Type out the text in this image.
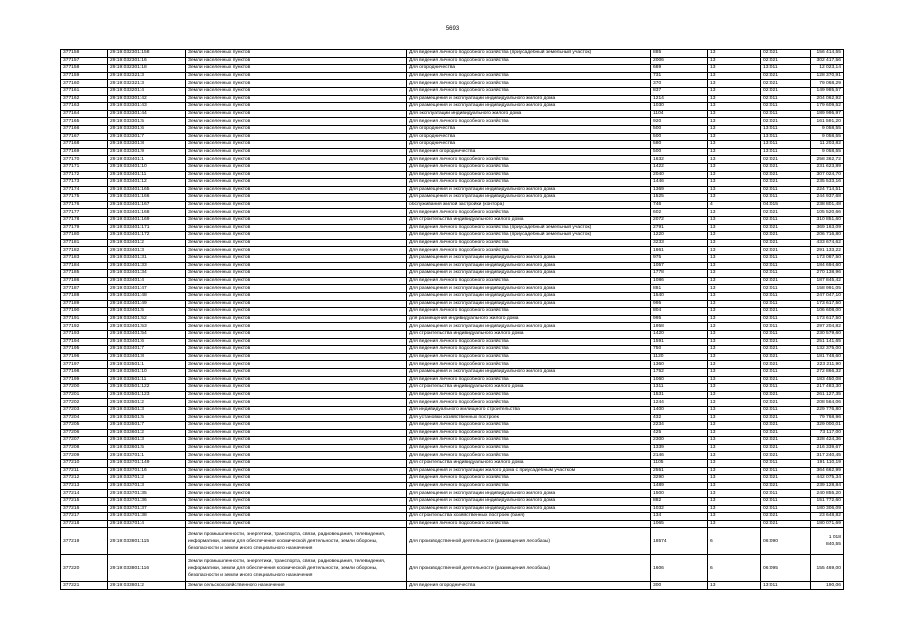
5693
377158	29:19:032301:158	Земли населенных пунктов	Для ведения личного подсобного хозяйства (приусадебный земельный участок)	885	13	02:021	156 414,55
377157	29:19:032301:16	Земли населенных пунктов	Для ведения личного подсобного хозяйства	2006	13	02:021	302 417,56
377158	29:19:032301:18	Земли населенных пунктов	Для огородничества	689	13	13:011	12 023,14
377159	29:19:032321:3	Земли населенных пунктов	Для ведения личного подсобного хозяйства	731	13	02:021	128 370,91
377160	29:19:032321:3	Земли населенных пунктов	Для ведения личного подсобного хозяйства	370	13	02:021	79 068,29
377161	29:19:033201:4	Земли населенных пунктов	Для ведения личного подсобного хозяйства	837	13	02:021	149 985,57
377162	29:19:033301:42	Земли населенных пунктов	Для размещения и эксплуатации индивидуального жилого дома	1214	13	02:011	204 062,92
377163	29:19:033301:43	Земли населенных пунктов	Для размещения и эксплуатации индивидуального жилого дома	1030	13	02:011	179 609,52
377164	29:19:033301:44	Земли населенных пунктов	Для эксплуатации индивидуального жилого дома	1104	13	02:011	189 995,97
377165	29:19:033301:5	Земли населенных пунктов	Для ведения личного подсобного хозяйства	920	13	02:021	161 591,20
377166	29:19:033301:6	Земли населенных пунктов	Для огородничества	500	13	13:011	9 058,55
377167	29:19:033301:7	Земли населенных пунктов	Для огородничества	500	13	13:011	9 058,55
377168	29:19:033301:8	Земли населенных пунктов	Для огородничества	580	13	13:011	11 203,82
377169	29:19:033301:9	Земли населенных пунктов	Для ведения огородничества	500	13	13:011	9 058,55
377170	29:19:033401:1	Земли населенных пунктов	Для ведения личного подсобного хозяйства	1632	13	02:021	258 362,72
377171	29:19:033401:10	Земли населенных пунктов	Для ведения личного подсобного хозяйства	1422	13	02:021	231 623,89
377172	29:19:033401:11	Земли населенных пунктов	Для ведения личного подсобного хозяйства	2040	13	02:021	307 024,70
377173	29:19:033401:12	Земли населенных пунктов	Для ведения личного подсобного хозяйства	1446	13	02:021	235 533,16
377174	29:19:033401:165	Земли населенных пунктов	Для размещения и эксплуатации индивидуального жилого дома	1369	13	02:011	224 714,51
377175	29:19:033401:166	Земли населенных пунктов	Для размещения и эксплуатации индивидуального жилого дома	1525	13	02:011	244 937,68
377176	29:19:033401:167	Земли населенных пунктов	обслуживания жилой застройки (контора)	746	4	04:015	238 801,48
377177	29:19:033401:168	Земли населенных пунктов	Для ведения личного подсобного хозяйства	602	13	02:021	105 520,66
377178	29:19:033401:169	Земли населенных пунктов	Для строительства индивидуального жилого дома	2072	13	02:011	310 851,60
377179	29:19:033401:171	Земли населенных пунктов	Для ведения личного подсобного хозяйства (приусадебный земельный участок)	2791	13	02:021	369 163,09
377180	29:19:033401:172	Земли населенных пунктов	Для ведения личного подсобного хозяйства (приусадебный земельный участок)	1220	13	02:021	206 716,80
377181	29:19:033401:2	Земли населенных пунктов	Для ведения личного подсобного хозяйства	3233	13	02:021	433 674,62
377182	29:19:033401:3	Земли населенных пунктов	Для ведения личного подсобного хозяйства	1861	13	02:021	291 133,22
377183	29:19:033401:31	Земли населенных пунктов	Для размещения и эксплуатации индивидуального жилого дома	975	13	02:011	173 087,50
377184	29:19:033401:33	Земли населенных пунктов	Для размещения и эксплуатации индивидуального жилого дома	1057	13	02:011	184 694,60
377185	29:19:033401:34	Земли населенных пунктов	Для размещения и эксплуатации индивидуального жилого дома	1778	13	02:011	270 138,96
377186	29:19:033401:4	Земли населенных пунктов	Для ведения личного подсобного хозяйства	1086	13	02:021	187 845,42
377187	29:19:033401:47	Земли населенных пунктов	Для размещения и эксплуатации индивидуального жилого дома	881	13	02:011	158 991,05
377188	29:19:033401:48	Земли населенных пунктов	Для размещения и эксплуатации индивидуального жилого дома	1540	13	02:011	247 047,10
377189	29:19:033401:49	Земли населенных пунктов	Для размещения и эксплуатации индивидуального жилого дома	995	13	02:011	173 617,50
377190	29:19:033401:5	Земли населенных пунктов	Для ведения личного подсобного хозяйства	804	13	02:021	106 608,00
377191	29:19:033401:52	Земли населенных пунктов	для размещения индивидуального жилого дома	995	13	02:011	173 617,50
377192	29:19:033401:53	Земли населенных пунктов	Для размещения и эксплуатации индивидуального жилого дома	1958	13	02:011	297 204,82
377193	29:19:033401:54	Земли населенных пунктов	Для строительства индивидуального жилого дома	1420	13	02:011	230 579,60
377194	29:19:033401:6	Земли населенных пунктов	Для ведения личного подсобного хозяйства	1591	13	02:021	251 141,65
377195	29:19:033401:7	Земли населенных пунктов	Для ведения личного подсобного хозяйства	750	13	02:021	132 375,00
377196	29:19:033401:8	Земли населенных пунктов	Для ведения личного подсобного хозяйства	1120	13	02:021	181 748,60
377197	29:19:033501:1	Земли населенных пунктов	Для ведения личного подсобного хозяйства	1360	13	02:021	223 211,90
377198	29:19:033501:10	Земли населенных пунктов	Для размещения и эксплуатации индивидуального жилого дома	1752	13	02:011	272 866,32
377199	29:19:033501:11	Земли населенных пунктов	Для ведения личного подсобного хозяйства	1060	13	02:021	183 450,08
377200	29:19:033501:122	Земли населенных пунктов	Для строительства индивидуального жилого дома	1311	13	02:011	217 483,30
377201	29:19:033501:123	Земли населенных пунктов	Для ведения личного подсобного хозяйства	1531	13	02:021	261 127,35
377202	29:19:033501:2	Земли населенных пунктов	Для ведения личного подсобного хозяйства	1244	13	02:021	208 564,06
377203	29:19:033501:3	Земли населенных пунктов	Для индивидуального жилищного строительства	1400	13	02:011	229 776,80
377204	29:19:033501:5	Земли населенных пунктов	Для установки хозяйственных построек	432	13	02:021	79 768,96
377205	29:19:033501:7	Земли населенных пунктов	Для ведения личного подсобного хозяйства	2234	13	02:021	329 000,01
377206	29:19:033601:2	Земли населенных пунктов	Для ведения личного подсобного хозяйства	425	13	02:021	73 117,00
377207	29:19:033601:3	Земли населенных пунктов	Для ведения личного подсобного хозяйства	2300	13	02:021	328 424,36
377208	29:19:033601:5	Земли населенных пунктов	Для ведения личного подсобного хозяйства	1339	13	02:021	216 339,67
377209	29:19:033701:1	Земли населенных пунктов	Для ведения личного подсобного хозяйства	2146	13	02:021	317 240,45
377210	29:19:033701:149	Земли населенных пунктов	Для строительства индивидуального жилого дома	1105	13	02:011	191 110,19
377211	29:19:033701:16	Земли населенных пунктов	Для размещения и эксплуатации жилого дома с приусадебным участком	2551	13	02:011	364 662,99
377212	29:19:033701:2	Земли населенных пунктов	Для ведения личного подсобного хозяйства	3290	13	02:021	442 075,34
377213	29:19:033701:3	Земли населенных пунктов	Для ведения личного подсобного хозяйства	1489	13	02:021	239 128,84
377214	29:19:033701:35	Земли населенных пунктов	Для размещения и эксплуатации индивидуального жилого дома	1500	13	02:011	240 855,20
377215	29:19:033701:36	Земли населенных пунктов	Для размещения и эксплуатации индивидуального жилого дома	882	13	02:011	151 772,60
377216	29:19:033701:37	Земли населенных пунктов	Для размещения и эксплуатации индивидуального жилого дома	1032	13	02:011	180 306,09
377217	29:19:033701:38	Земли населенных пунктов	Для строительства хозяйственных построек (баня)	134	13	02:021	23 648,82
377218	29:19:033701:4	Земли населенных пунктов	Для ведения личного подсобного хозяйства	1065	13	02:021	180 071,69
377219	29:19:033801:115	Земли промышленности, энергетики, транспорта, связи, радиовещания, телевидения, информатики, земли для обеспечения космической деятельности, земли обороны, безопасности и земли иного специального назначения	Для производственной деятельности (размещения лесобазы)	18574	6	06:090	1 018 840,55
377220	29:19:033801:116	Земли промышленности, энергетики, транспорта, связи, радиовещания, телевидения, информатики, земли для обеспечения космической деятельности, земли обороны, безопасности и земли иного специального назначения	Для производственной деятельности (размещения лесобазы)	1606	6	06:095	155 469,00
377221	29:19:033801:2	Земли сельскохозяйственного назначения	Для ведения огородничества	300	13	13:011	190,06
